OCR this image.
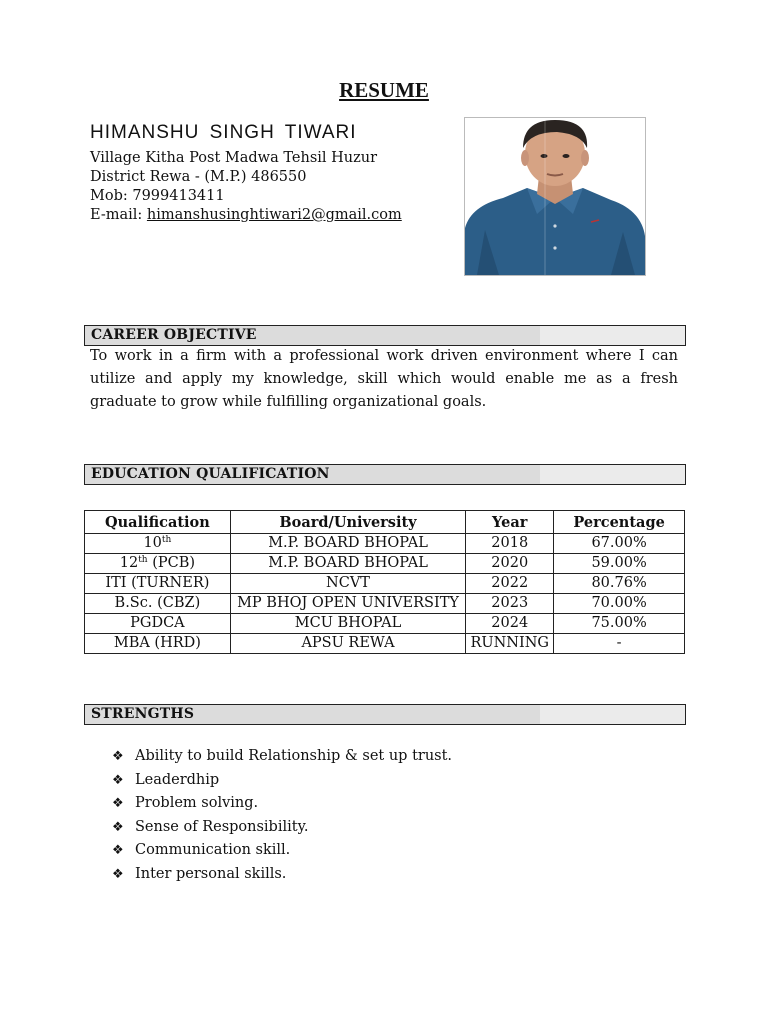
RESUME
HIMANSHU SINGH TIWARI
Village Kitha Post Madwa Tehsil Huzur
District Rewa - (M.P.) 486550
Mob: 7999413411
E-mail: himanshusinghtiwari2@gmail.com
CAREER OBJECTIVE
To work in a firm with a professional work driven environment where I can utilize and apply my knowledge, skill which would enable me as a fresh graduate to grow while fulfilling organizational goals.
EDUCATION QUALIFICATION
Qualification	Board/University	Year	Percentage
10th	M.P. BOARD BHOPAL	2018	67.00%
12th (PCB)	M.P. BOARD BHOPAL	2020	59.00%
ITI (TURNER)	NCVT	2022	80.76%
B.Sc. (CBZ)	MP BHOJ OPEN UNIVERSITY	2023	70.00%
PGDCA	MCU BHOPAL	2024	75.00%
MBA (HRD)	APSU REWA	RUNNING	-
STRENGTHS
❖ Ability to build Relationship & set up trust.
❖ Leaderdhip
❖ Problem solving.
❖ Sense of Responsibility.
❖ Communication skill.
❖ Inter personal skills.
